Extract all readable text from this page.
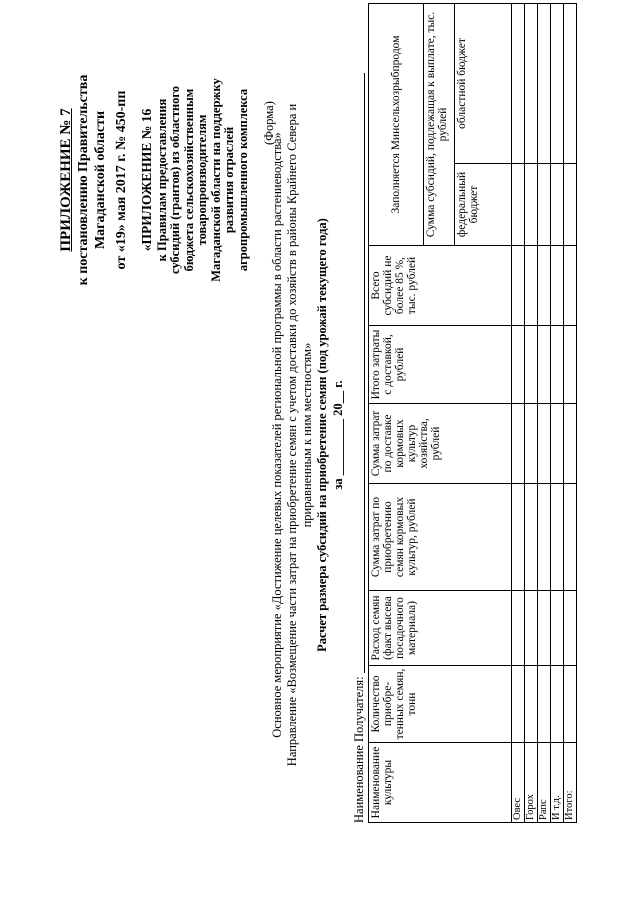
ПРИЛОЖЕНИЕ № 7 к постановлению Правительства Магаданской области от «19» мая 2017 г. № 450-пп «ПРИЛОЖЕНИЕ № 16 к Правилам предоставления субсидий (грантов) из областного бюджета сельскохозяйственным товаропроизводителям Магаданской области на поддержку развития отраслей агропромышленного комплекса (Форма)
Основное мероприятие «Достижение целевых показателей региональной программы в области растениеводства» Направление «Возмещение части затрат на приобретение семян с учетом доставки до хозяйств в районы Крайнего Севера и приравненным к ним местностям» Расчет размера субсидий на приобретение семян (под урожай текущего года) за _________ 20__ г.
Наименование Получателя: Наименование культуры	Количество приобре-тенных семян, тонн	Расход семян (факт высева посадочного материала)	Сумма затрат по приобретению семян кормовых культур, рублей	Сумма затрат по доставке кормовых культур хозяйства, рублей	Итого затраты с доставкой, рублей	Всего субсидий не более 85 %, тыс. рублей	Заполняется Минсельхозрыбпродом	
							Сумма субсидий, подлежащая к выплате, тыс. рублей	
							федеральный бюджет	областной бюджет
Овес								
Горох								
Рапс								
И т.д.								
Итого:								
